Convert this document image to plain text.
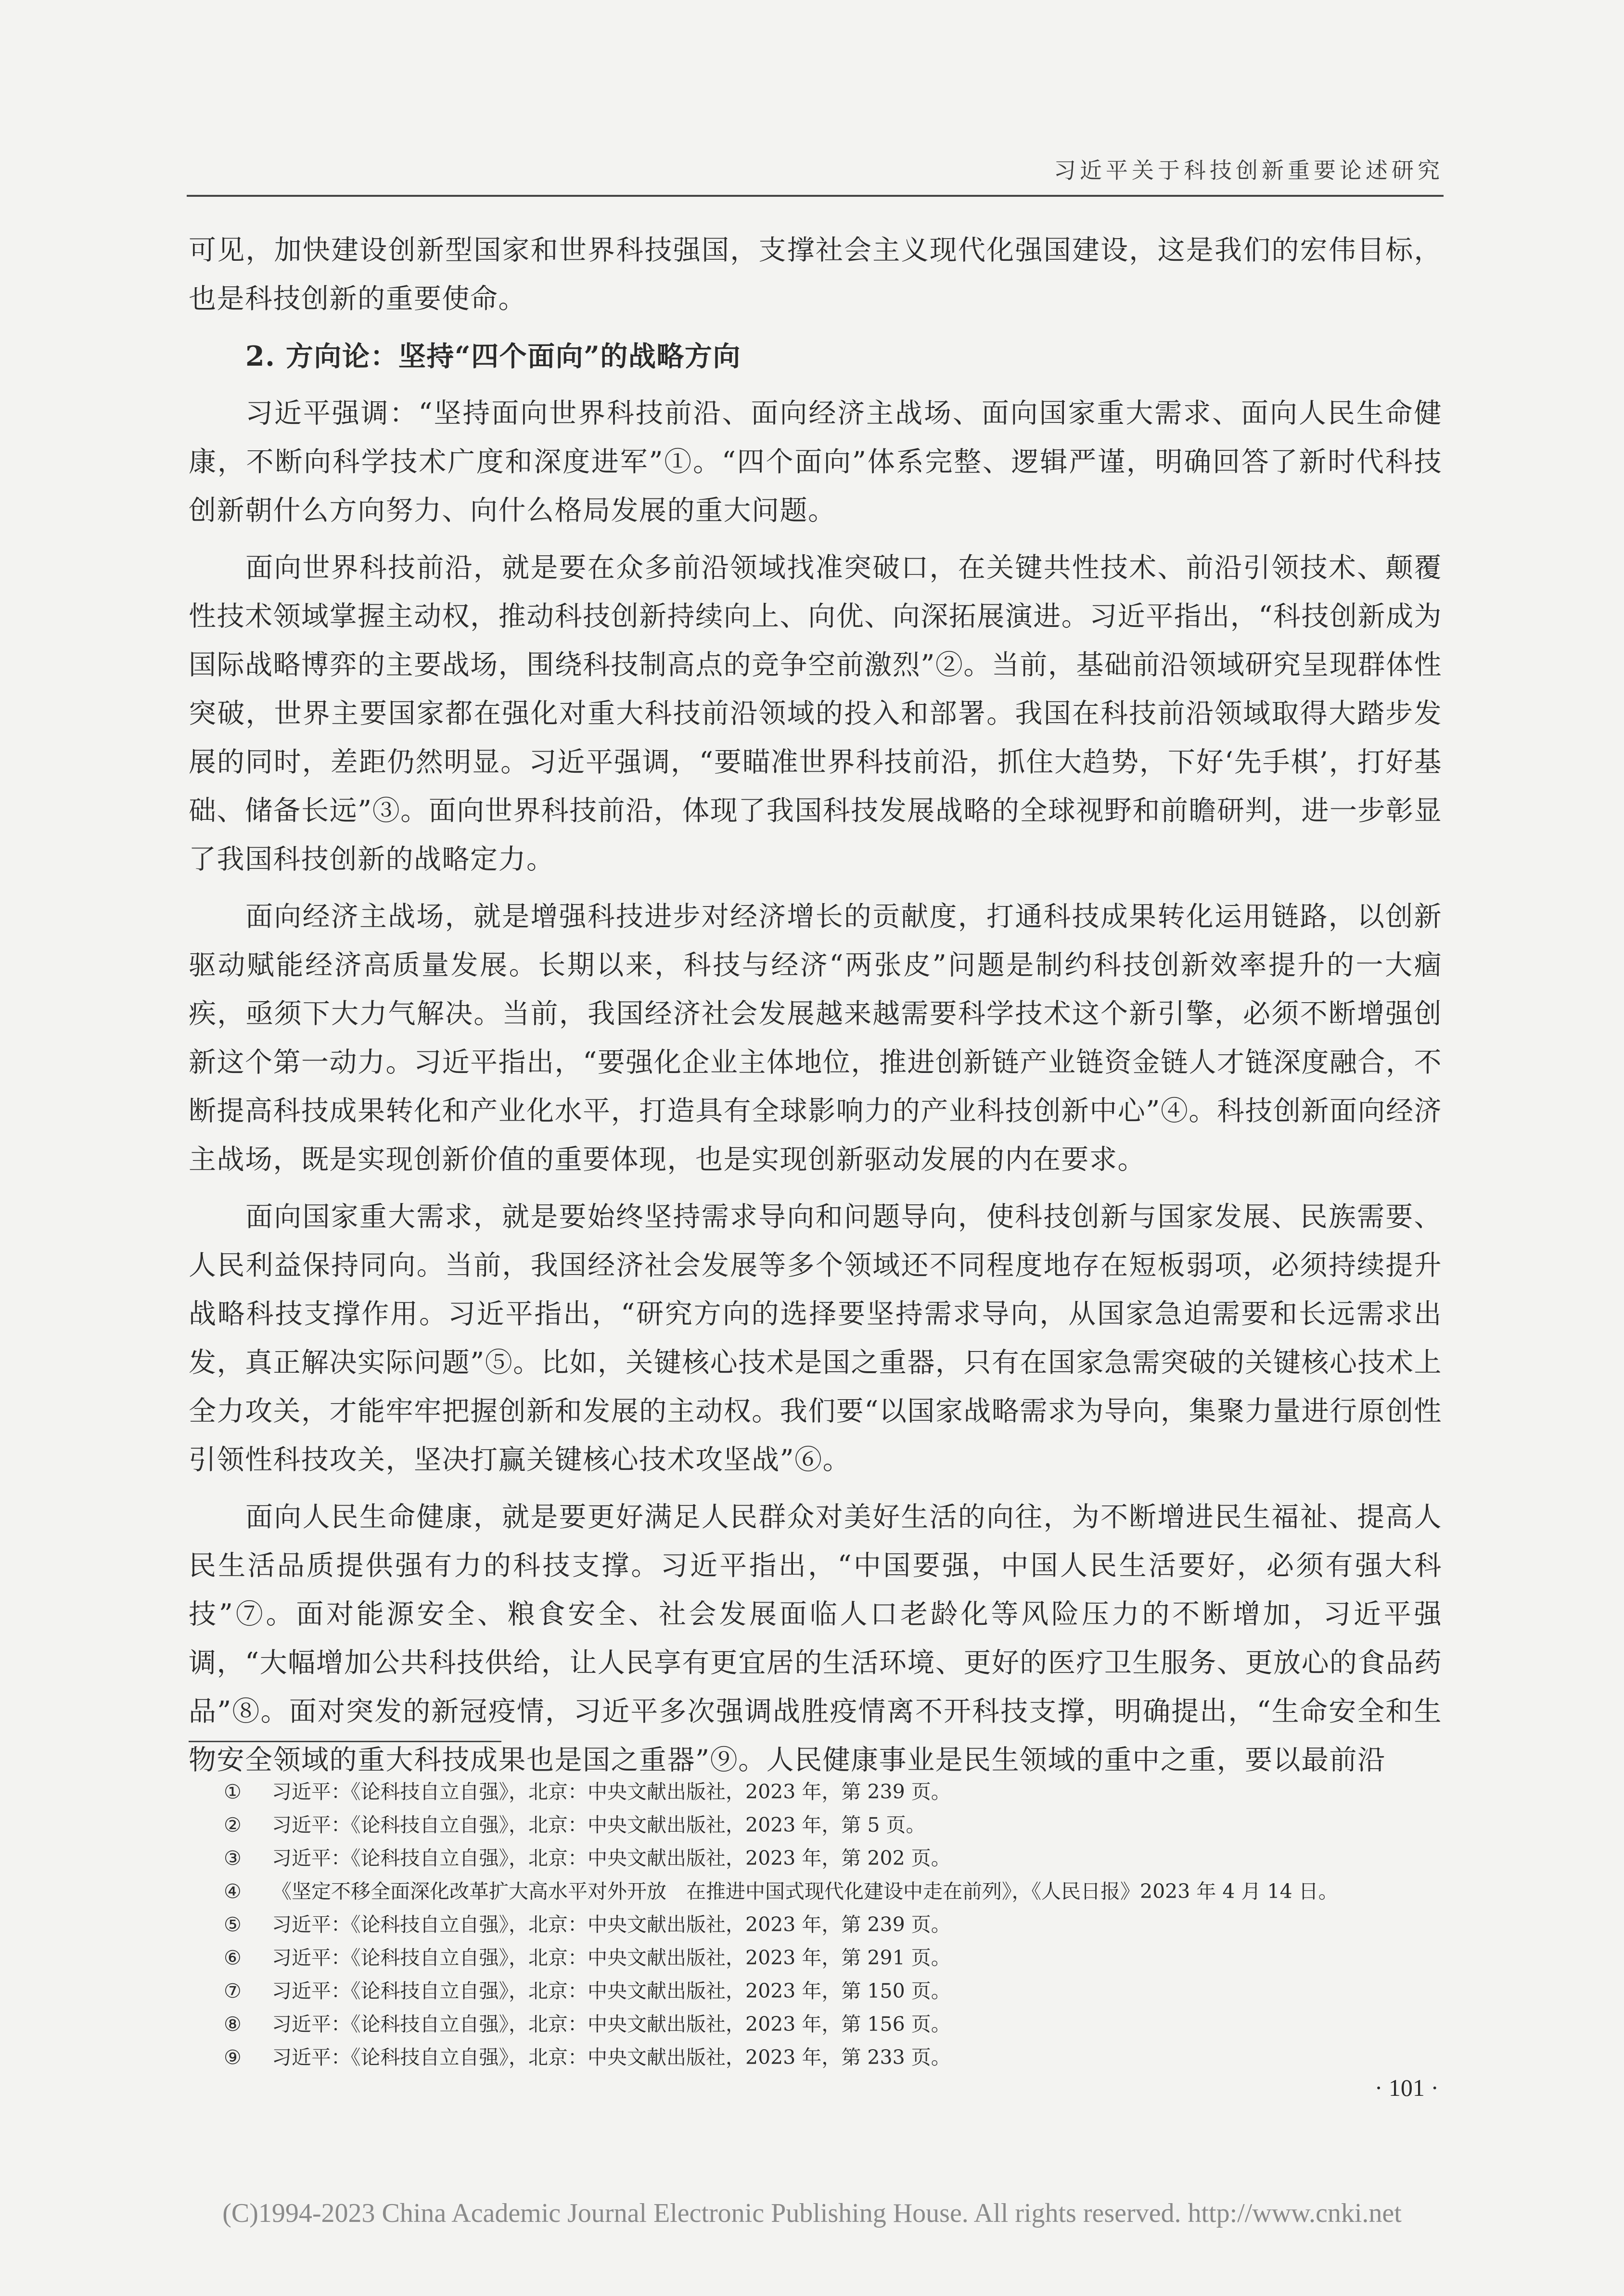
习近平关于科技创新重要论述研究

可见，加快建设创新型国家和世界科技强国，支撑社会主义现代化强国建设，这是我们的宏伟目标，也是科技创新的重要使命。

2. 方向论：坚持“四个面向”的战略方向

习近平强调：“坚持面向世界科技前沿、面向经济主战场、面向国家重大需求、面向人民生命健康，不断向科学技术广度和深度进军”①。“四个面向”体系完整、逻辑严谨，明确回答了新时代科技创新朝什么方向努力、向什么格局发展的重大问题。

面向世界科技前沿，就是要在众多前沿领域找准突破口，在关键共性技术、前沿引领技术、颠覆性技术领域掌握主动权，推动科技创新持续向上、向优、向深拓展演进。习近平指出，“科技创新成为国际战略博弈的主要战场，围绕科技制高点的竞争空前激烈”②。当前，基础前沿领域研究呈现群体性突破，世界主要国家都在强化对重大科技前沿领域的投入和部署。我国在科技前沿领域取得大踏步发展的同时，差距仍然明显。习近平强调，“要瞄准世界科技前沿，抓住大趋势，下好‘先手棋’，打好基础、储备长远”③。面向世界科技前沿，体现了我国科技发展战略的全球视野和前瞻研判，进一步彰显了我国科技创新的战略定力。

面向经济主战场，就是增强科技进步对经济增长的贡献度，打通科技成果转化运用链路，以创新驱动赋能经济高质量发展。长期以来，科技与经济“两张皮”问题是制约科技创新效率提升的一大痼疾，亟须下大力气解决。当前，我国经济社会发展越来越需要科学技术这个新引擎，必须不断增强创新这个第一动力。习近平指出，“要强化企业主体地位，推进创新链产业链资金链人才链深度融合，不断提高科技成果转化和产业化水平，打造具有全球影响力的产业科技创新中心”④。科技创新面向经济主战场，既是实现创新价值的重要体现，也是实现创新驱动发展的内在要求。

面向国家重大需求，就是要始终坚持需求导向和问题导向，使科技创新与国家发展、民族需要、人民利益保持同向。当前，我国经济社会发展等多个领域还不同程度地存在短板弱项，必须持续提升战略科技支撑作用。习近平指出，“研究方向的选择要坚持需求导向，从国家急迫需要和长远需求出发，真正解决实际问题”⑤。比如，关键核心技术是国之重器，只有在国家急需突破的关键核心技术上全力攻关，才能牢牢把握创新和发展的主动权。我们要“以国家战略需求为导向，集聚力量进行原创性引领性科技攻关，坚决打赢关键核心技术攻坚战”⑥。

面向人民生命健康，就是要更好满足人民群众对美好生活的向往，为不断增进民生福祉、提高人民生活品质提供强有力的科技支撑。习近平指出，“中国要强，中国人民生活要好，必须有强大科技”⑦。面对能源安全、粮食安全、社会发展面临人口老龄化等风险压力的不断增加，习近平强调，“大幅增加公共科技供给，让人民享有更宜居的生活环境、更好的医疗卫生服务、更放心的食品药品”⑧。面对突发的新冠疫情，习近平多次强调战胜疫情离不开科技支撑，明确提出，“生命安全和生物安全领域的重大科技成果也是国之重器”⑨。人民健康事业是民生领域的重中之重，要以最前沿

①	习近平：《论科技自立自强》，北京：中央文献出版社，2023 年，第 239 页。
②	习近平：《论科技自立自强》，北京：中央文献出版社，2023 年，第 5 页。
③	习近平：《论科技自立自强》，北京：中央文献出版社，2023 年，第 202 页。
④	《坚定不移全面深化改革扩大高水平对外开放　在推进中国式现代化建设中走在前列》，《人民日报》2023 年 4 月 14 日。
⑤	习近平：《论科技自立自强》，北京：中央文献出版社，2023 年，第 239 页。
⑥	习近平：《论科技自立自强》，北京：中央文献出版社，2023 年，第 291 页。
⑦	习近平：《论科技自立自强》，北京：中央文献出版社，2023 年，第 150 页。
⑧	习近平：《论科技自立自强》，北京：中央文献出版社，2023 年，第 156 页。
⑨	习近平：《论科技自立自强》，北京：中央文献出版社，2023 年，第 233 页。
· 101 ·
(C)1994-2023 China Academic Journal Electronic Publishing House. All rights reserved. http://www.cnki.net
